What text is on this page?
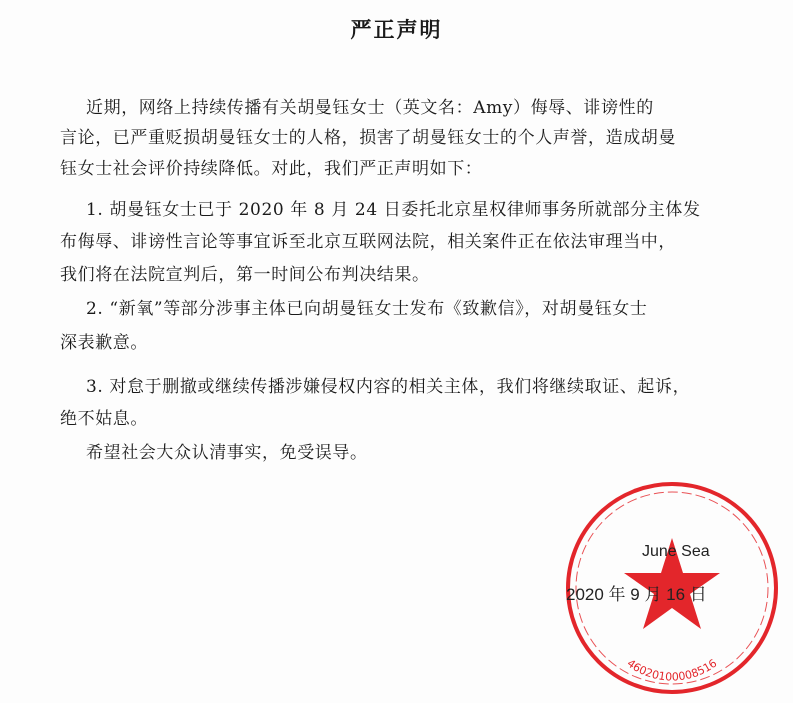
严正声明
近期，网络上持续传播有关胡曼钰女士（英文名：Amy）侮辱、诽谤性的
言论，已严重贬损胡曼钰女士的人格，损害了胡曼钰女士的个人声誉，造成胡曼
钰女士社会评价持续降低。对此，我们严正声明如下：
1. 胡曼钰女士已于 2020 年 8 月 24 日委托北京星权律师事务所就部分主体发
布侮辱、诽谤性言论等事宜诉至北京互联网法院，相关案件正在依法审理当中，
我们将在法院宣判后，第一时间公布判决结果。
2. “新氧”等部分涉事主体已向胡曼钰女士发布《致歉信》，对胡曼钰女士
深表歉意。
3. 对怠于删撤或继续传播涉嫌侵权内容的相关主体，我们将继续取证、起诉，
绝不姑息。
希望社会大众认清事实，免受误导。
46020100008516
June Sea
2020 年 9 月 16 日
